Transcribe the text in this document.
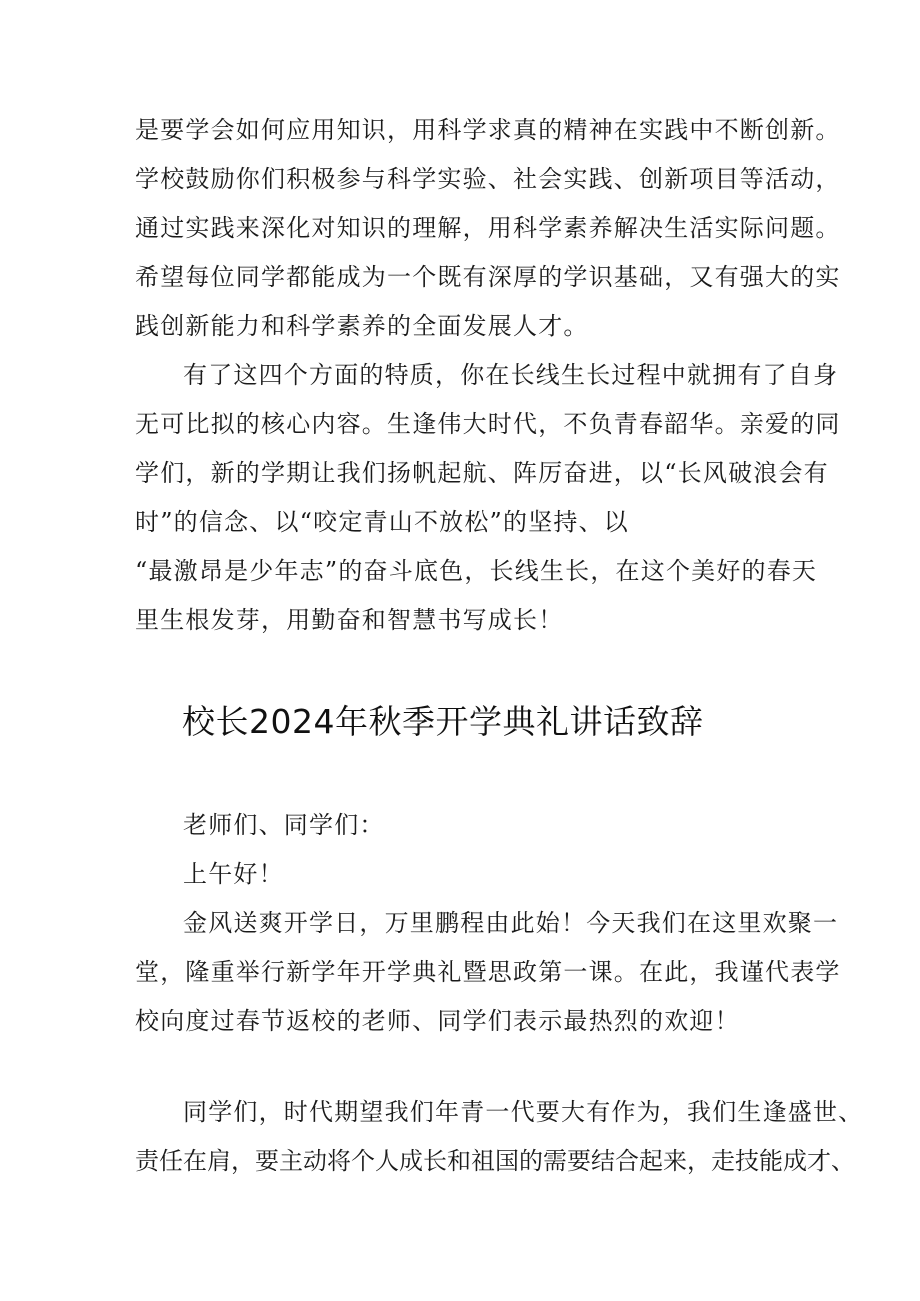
是要学会如何应用知识，用科学求真的精神在实践中不断创新。
学校鼓励你们积极参与科学实验、社会实践、创新项目等活动，
通过实践来深化对知识的理解，用科学素养解决生活实际问题。
希望每位同学都能成为一个既有深厚的学识基础，又有强大的实
践创新能力和科学素养的全面发展人才。
有了这四个方面的特质，你在长线生长过程中就拥有了自身
无可比拟的核心内容。生逢伟大时代，不负青春韶华。亲爱的同
学们，新的学期让我们扬帆起航、阵厉奋进，以“长风破浪会有
时”的信念、以“咬定青山不放松”的坚持、以
“最激昂是少年志”的奋斗底色，长线生长，在这个美好的春天
里生根发芽，用勤奋和智慧书写成长！
校长2024年秋季开学典礼讲话致辞
老师们、同学们：
上午好！
金风送爽开学日，万里鹏程由此始！今天我们在这里欢聚一
堂，隆重举行新学年开学典礼暨思政第一课。在此，我谨代表学
校向度过春节返校的老师、同学们表示最热烈的欢迎！
同学们，时代期望我们年青一代要大有作为，我们生逢盛世、
责任在肩，要主动将个人成长和祖国的需要结合起来，走技能成才、
